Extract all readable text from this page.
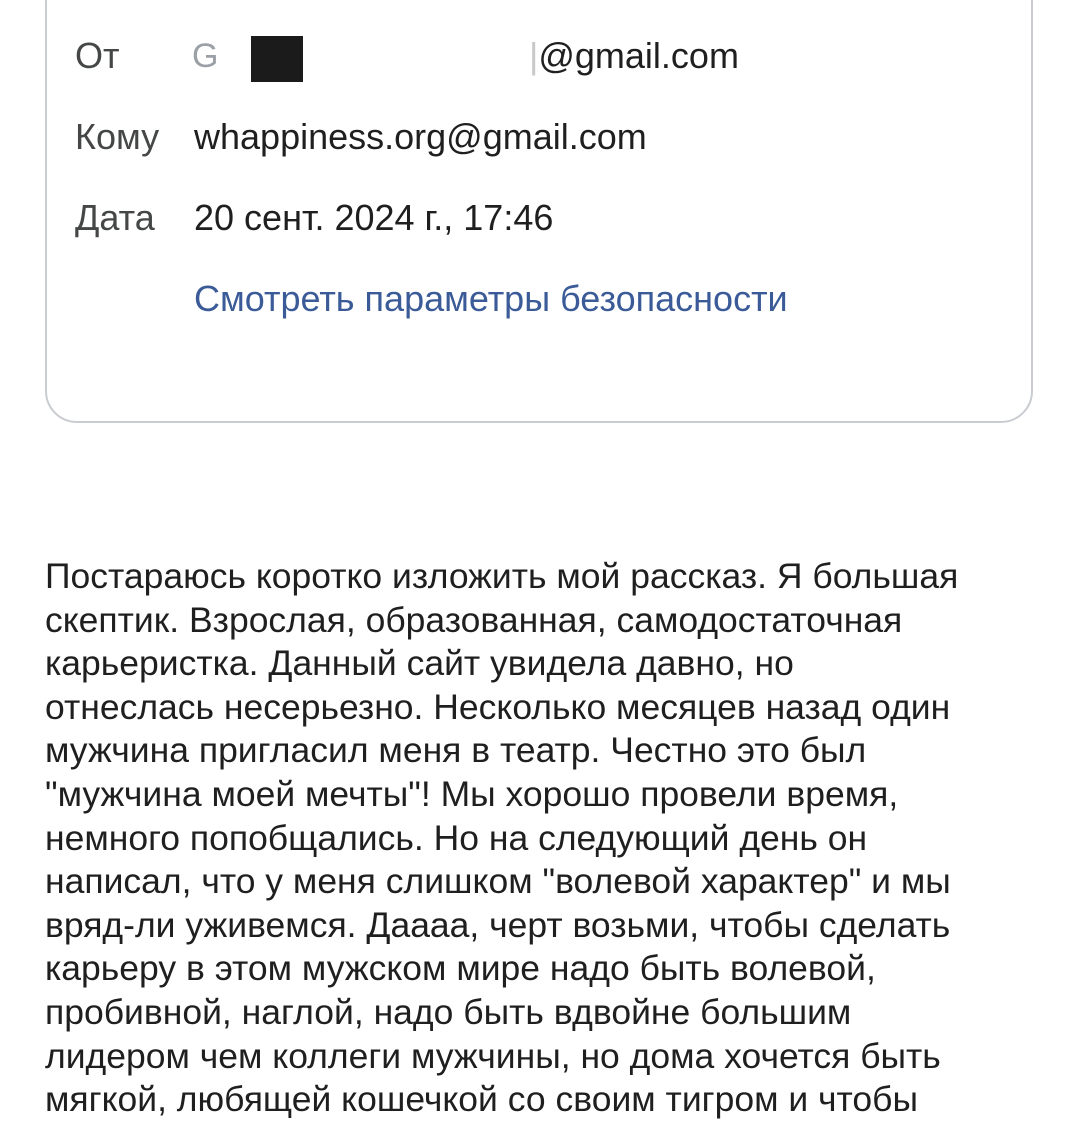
От G	|@gmail.com
Кому whappiness.org@gmail.com
Дата 20 сент. 2024 г., 17:46
Смотреть параметры безопасности

Постараюсь коротко изложить мой рассказ. Я большая
скептик. Взрослая, образованная, самодостаточная
карьеристка. Данный сайт увидела давно, но
отнеслась несерьезно. Несколько месяцев назад один
мужчина пригласил меня в театр. Честно это был
"мужчина моей мечты"! Мы хорошо провели время,
немного попобщались. Но на следующий день он
написал, что у меня слишком "волевой характер" и мы
вряд-ли уживемся. Даааа, черт возьми, чтобы сделать
карьеру в этом мужском мире надо быть волевой,
пробивной, наглой, надо быть вдвойне большим
лидером чем коллеги мужчины, но дома хочется быть
мягкой, любящей кошечкой со своим тигром и чтобы
